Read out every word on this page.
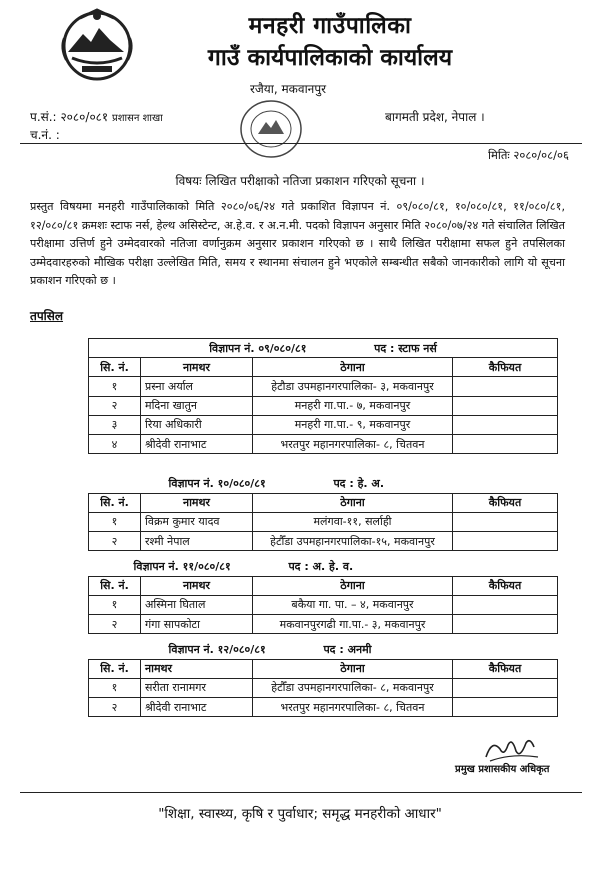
मनहरी गाउँपालिका
गाउँ कार्यपालिकाको कार्यालय
रजैया, मकवानपुर
प.सं.: २०८०/०८१ प्रशासन शाखा
च.नं. :
बागमती प्रदेश, नेपाल ।
मितिः २०८०/०८/०६
विषयः लिखित परीक्षाको नतिजा प्रकाशन गरिएको सूचना ।
प्रस्तुत विषयमा मनहरी गाउँपालिकाको मिति २०८०/०६/२४ गते प्रकाशित विज्ञापन नं. ०९/०८०/८१, १०/०८०/८१, ११/०८०/८१, १२/०८०/८१ क्रमशः स्टाफ नर्स, हेल्थ असिस्टेन्ट, अ.हे.व. र अ.न.मी. पदको विज्ञापन अनुसार मिति २०८०/०७/२४ गते संचालित लिखित परीक्षामा उत्तिर्ण हुने उम्मेदवारको नतिजा वर्णानुक्रम अनुसार प्रकाशन गरिएको छ । साथै लिखित परीक्षामा सफल हुने तपसिलका उम्मेदवारहरुको मौखिक परीक्षा उल्लेखित मिति, समय र स्थानमा संचालन हुने भएकोले सम्बन्धीत सबैको जानकारीको लागि यो सूचना प्रकाशन गरिएको छ ।
तपसिल
विज्ञापन नं. ०९/०८०/८१ पद : स्टाफ नर्स			
सि. नं.	नामथर	ठेगाना	कैफियत
१	प्रस्ना अर्याल	हेटौडा उपमहानगरपालिका- ३, मकवानपुर	
२	मदिना खातुन	मनहरी गा.पा.- ७, मकवानपुर	
३	रिया अधिकारी	मनहरी गा.पा.- ९, मकवानपुर	
४	श्रीदेवी रानाभाट	भरतपुर महानगरपालिका- ८, चितवन	
विज्ञापन नं. १०/०८०/८१ पद : हे. अ.			
सि. नं.	नामथर	ठेगाना	कैफियत
१	विक्रम कुमार यादव	मलंगवा-११, सर्लाही	
२	रश्मी नेपाल	हेटौँडा उपमहानगरपालिका-१५, मकवानपुर	
विज्ञापन नं. ११/०८०/८१ पद : अ. हे. व.			
सि. नं.	नामथर	ठेगाना	कैफियत
१	अस्मिना घिताल	बकैया गा. पा. – ४, मकवानपुर	
२	गंगा सापकोटा	मकवानपुरगढी गा.पा.- ३, मकवानपुर	
विज्ञापन नं. १२/०८०/८१ पद : अनमी			
सि. नं.	नामथर	ठेगाना	कैफियत
१	सरीता रानामगर	हेटौँडा उपमहानगरपालिका- ८, मकवानपुर	
२	श्रीदेवी रानाभाट	भरतपुर महानगरपालिका- ८, चितवन	
प्रमुख प्रशासकीय अधिकृत
"शिक्षा, स्वास्थ्य, कृषि र पुर्वाधार; समृद्ध मनहरीको आधार"
